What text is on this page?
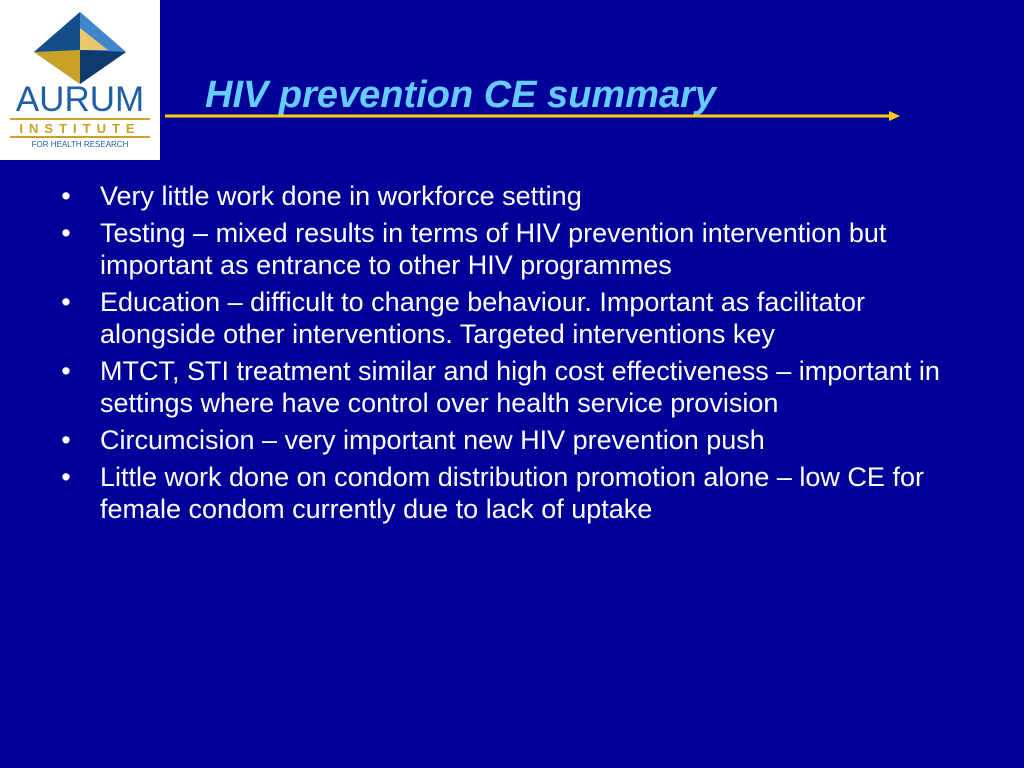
AURUM
INSTITUTE
FOR HEALTH RESEARCH
HIV prevention CE summary
• Very little work done in workforce setting
• Testing – mixed results in terms of HIV prevention intervention but important as entrance to other HIV programmes
• Education – difficult to change behaviour. Important as facilitator alongside other interventions. Targeted interventions key
• MTCT, STI treatment similar and high cost effectiveness – important in settings where have control over health service provision
• Circumcision – very important new HIV prevention push
• Little work done on condom distribution promotion alone – low CE for female condom currently due to lack of uptake
